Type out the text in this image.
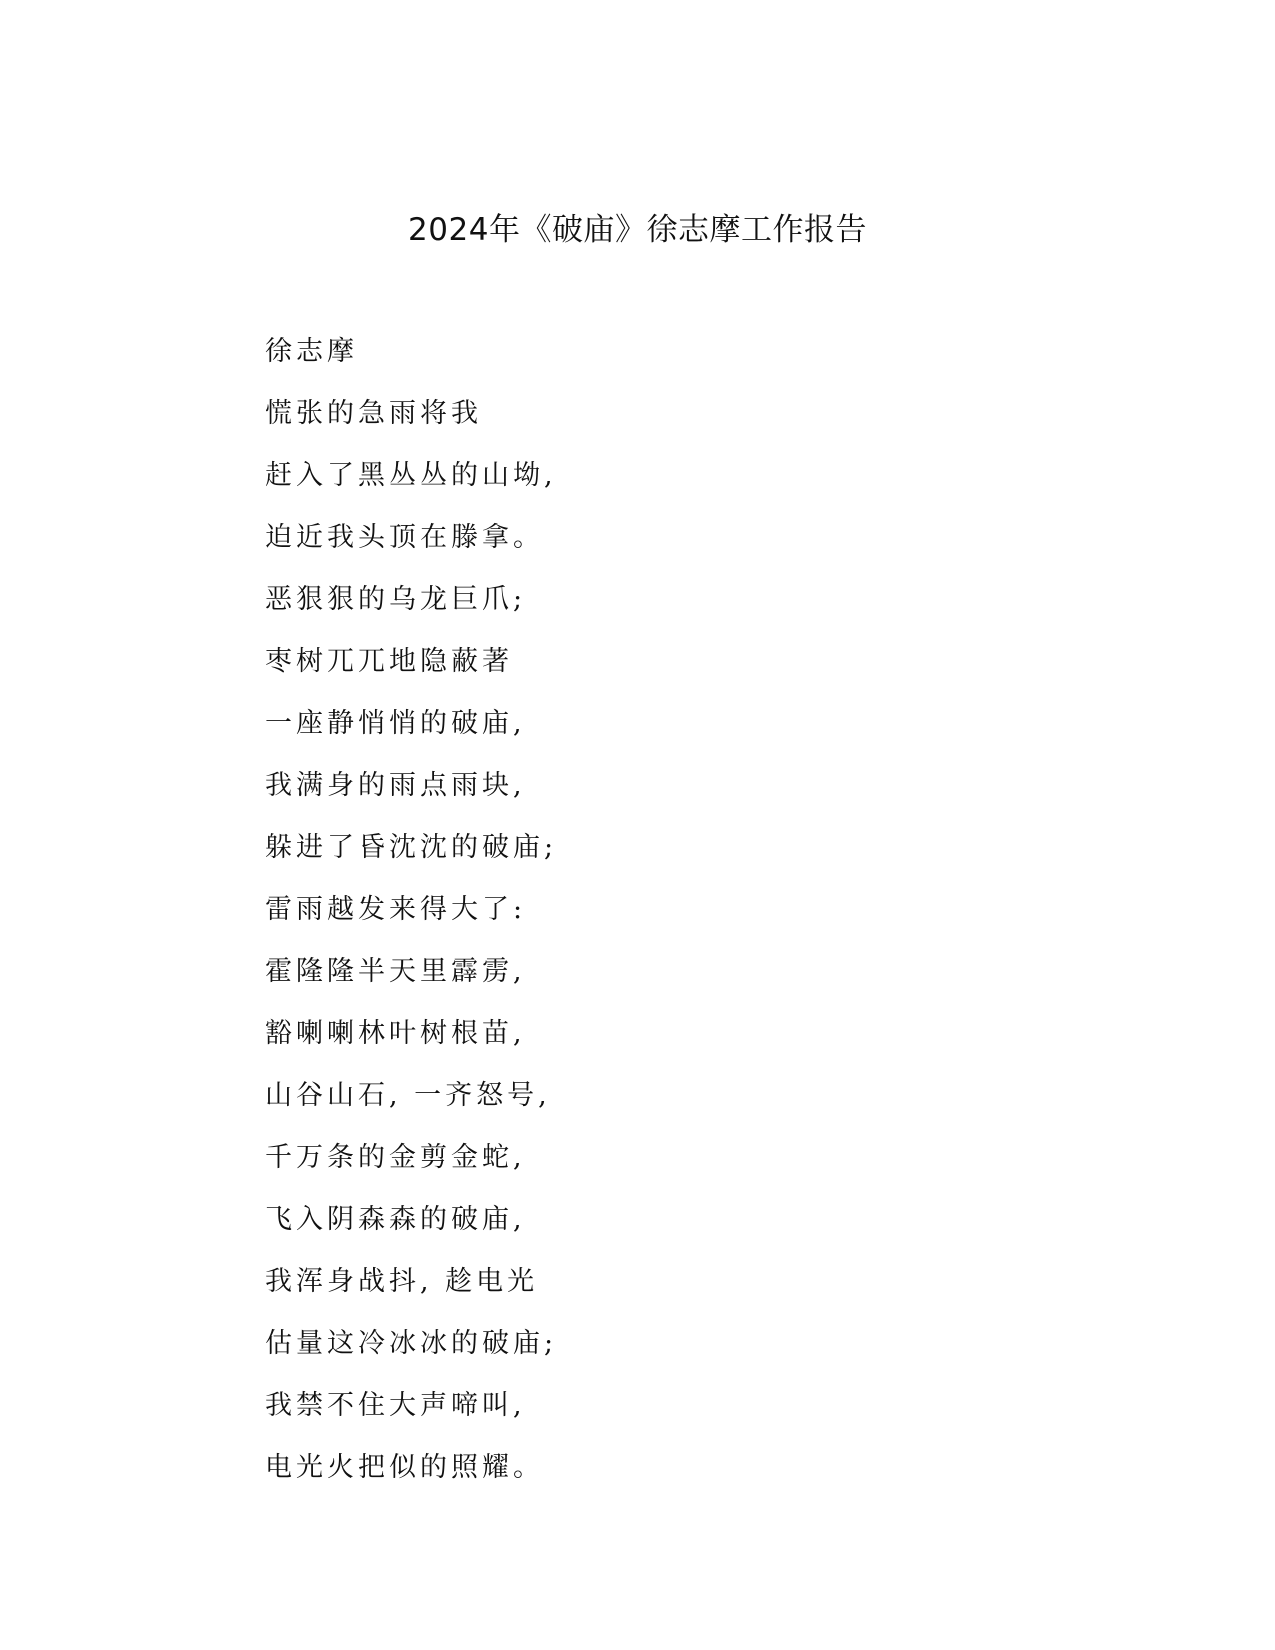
2024年《破庙》徐志摩工作报告
徐志摩
慌张的急雨将我
赶入了黑丛丛的山坳,
迫近我头顶在滕拿。
恶狠狠的乌龙巨爪;
枣树兀兀地隐蔽著
一座静悄悄的破庙,
我满身的雨点雨块,
躲进了昏沈沈的破庙;
雷雨越发来得大了:
霍隆隆半天里霹雳,
豁喇喇林叶树根苗,
山谷山石, 一齐怒号,
千万条的金剪金蛇,
飞入阴森森的破庙,
我浑身战抖, 趁电光
估量这冷冰冰的破庙;
我禁不住大声啼叫,
电光火把似的照耀。
